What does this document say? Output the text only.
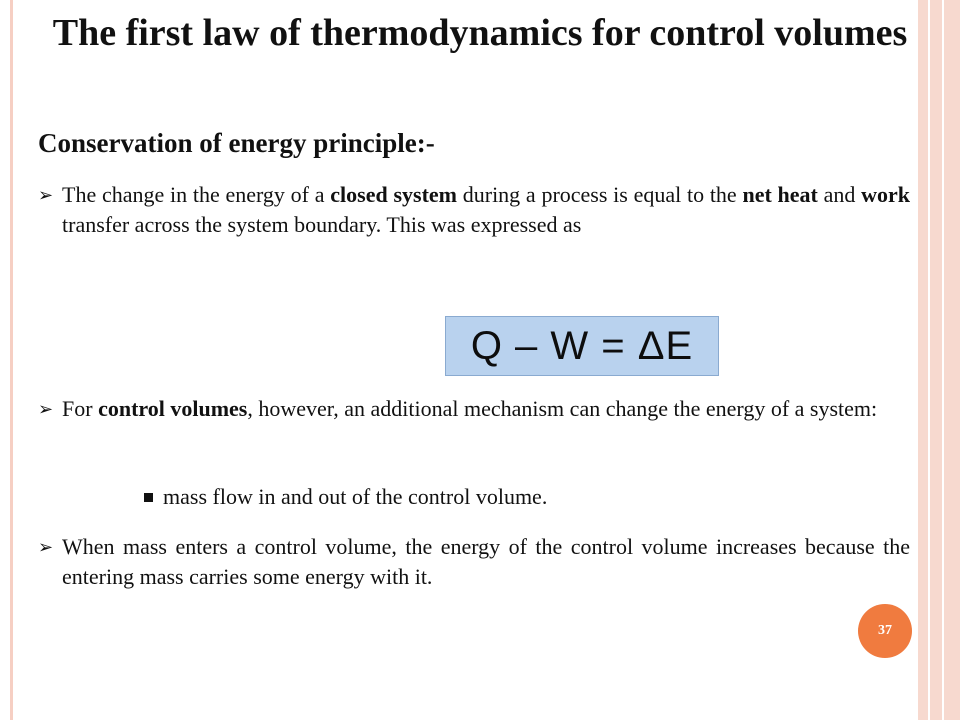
The first law of thermodynamics for control volumes
Conservation of energy principle:-
➢ The change in the energy of a closed system during a process is equal to the net heat and work transfer across the system boundary. This was expressed as
Q – W = ΔE
➢ For control volumes, however, an additional mechanism can change the energy of a system:
mass flow in and out of the control volume.
➢ When mass enters a control volume, the energy of the control volume increases because the entering mass carries some energy with it.
37
